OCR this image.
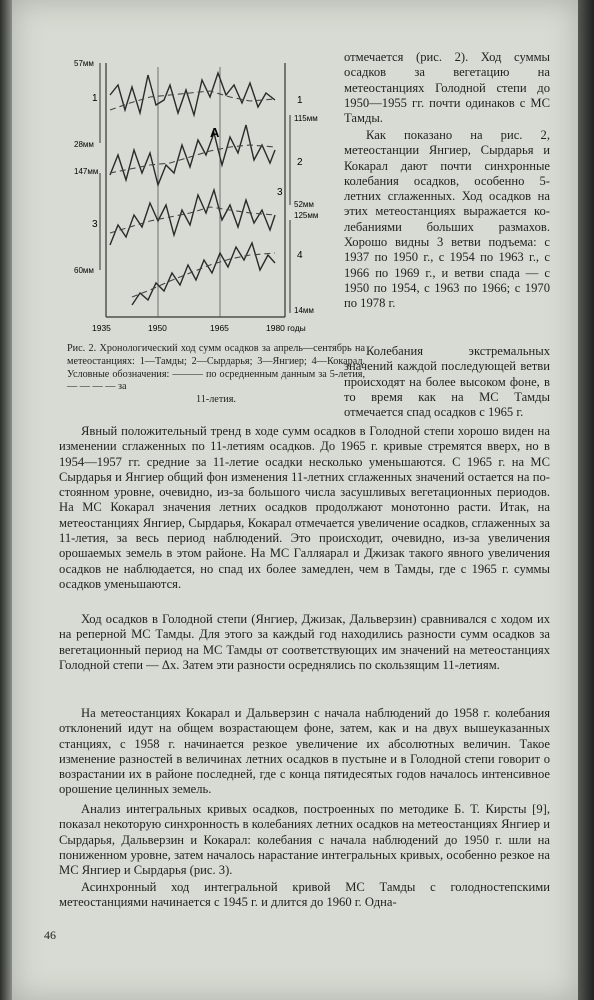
А
57мм
28мм
147мм
60мм
1
3
115мм
52мм
125мм
14мм
1
2
4
3
1935	1950	1965	1980 годы
Рис. 2. Хронологический ход сумм осадков за апрель—сентябрь на метеостанциях: 1—Тамды; 2—Сырдарья; 3—Янгиер; 4—Кокарал. Условные обозначения: ——— по осредненным данным за 5-летия, — — — — за
11-летия.

отмечается (рис. 2). Ход суммы осадков за вегетацию на метеостанциях Голодной степи до 1950—1955 гг. почти одинаков с МС Тамды.

Как показано на рис. 2, метеостанции Янгиер, Сырдарья и Кокарал дают почти синхронные колебания осадков, особенно 5-летних сглаженных. Ход осадков на этих метеостанциях выражается колебаниями больших размахов. Хорошо видны 3 ветви подъема: с 1937 по 1950 г., с 1954 по 1963 г., с 1966 по 1969 г., и ветви спада — с 1950 по 1954, с 1963 по 1966; с 1970 по 1978 г.

Колебания экстремальных значений каждой последующей ветви происходят на более высоком фоне, в то время как на МС Тамды отмечается спад осадков с 1965 г.

Явный положительный тренд в ходе сумм осадков в Голодной степи хорошо виден на изменении сглаженных по 11-летиям осадков. До 1965 г. кривые стремятся вверх, но в 1954—1957 гг. средние за 11-летие осадки несколько уменьшаются. С 1965 г. на МС Сырдарья и Янгиер общий фон изменения 11-летних сглаженных значений остается на постоянном уровне, очевидно, из-за большого числа засушливых вегетационных периодов. На МС Кокарал значения летних осадков продолжают монотонно расти. Итак, на метеостанциях Янгиер, Сырдарья, Кокарал отмечается увеличение осадков, сглаженных за 11-летия, за весь период наблюдений. Это происходит, очевидно, из-за увеличения орошаемых земель в этом районе. На МС Галляарал и Джизак такого явного увеличения осадков не наблюдается, но спад их более замедлен, чем в Тамды, где с 1965 г. суммы осадков уменьшаются.

Ход осадков в Голодной степи (Янгиер, Джизак, Дальверзин) сравнивался с ходом их на реперной МС Тамды. Для этого за каждый год находились разности сумм осадков за вегетационный период на МС Тамды от соответствующих им значений на метеостанциях Голодной степи — Δx. Затем эти разности осреднялись по скользящим 11-летиям.

На метеостанциях Кокарал и Дальверзин с начала наблюдений до 1958 г. колебания отклонений идут на общем возрастающем фоне, затем, как и на двух вышеуказанных станциях, с 1958 г. начинается резкое увеличение их абсолютных величин. Такое изменение разностей в величинах летних осадков в пустыне и в Голодной степи говорит о возрастании их в районе последней, где с конца пятидесятых годов началось интенсивное орошение целинных земель.

Анализ интегральных кривых осадков, построенных по методике Б. Т. Кирсты [9], показал некоторую синхронность в колебаниях летних осадков на метеостанциях Янгиер и Сырдарья, Дальверзин и Кокарал: колебания с начала наблюдений до 1950 г. шли на пониженном уровне, затем началось нарастание интегральных кривых, особенно резкое на МС Янгиер и Сырдарья (рис. 3).

Асинхронный ход интегральной кривой МС Тамды с голодностепскими метеостанциями начинается с 1945 г. и длится до 1960 г. Одна-

46
